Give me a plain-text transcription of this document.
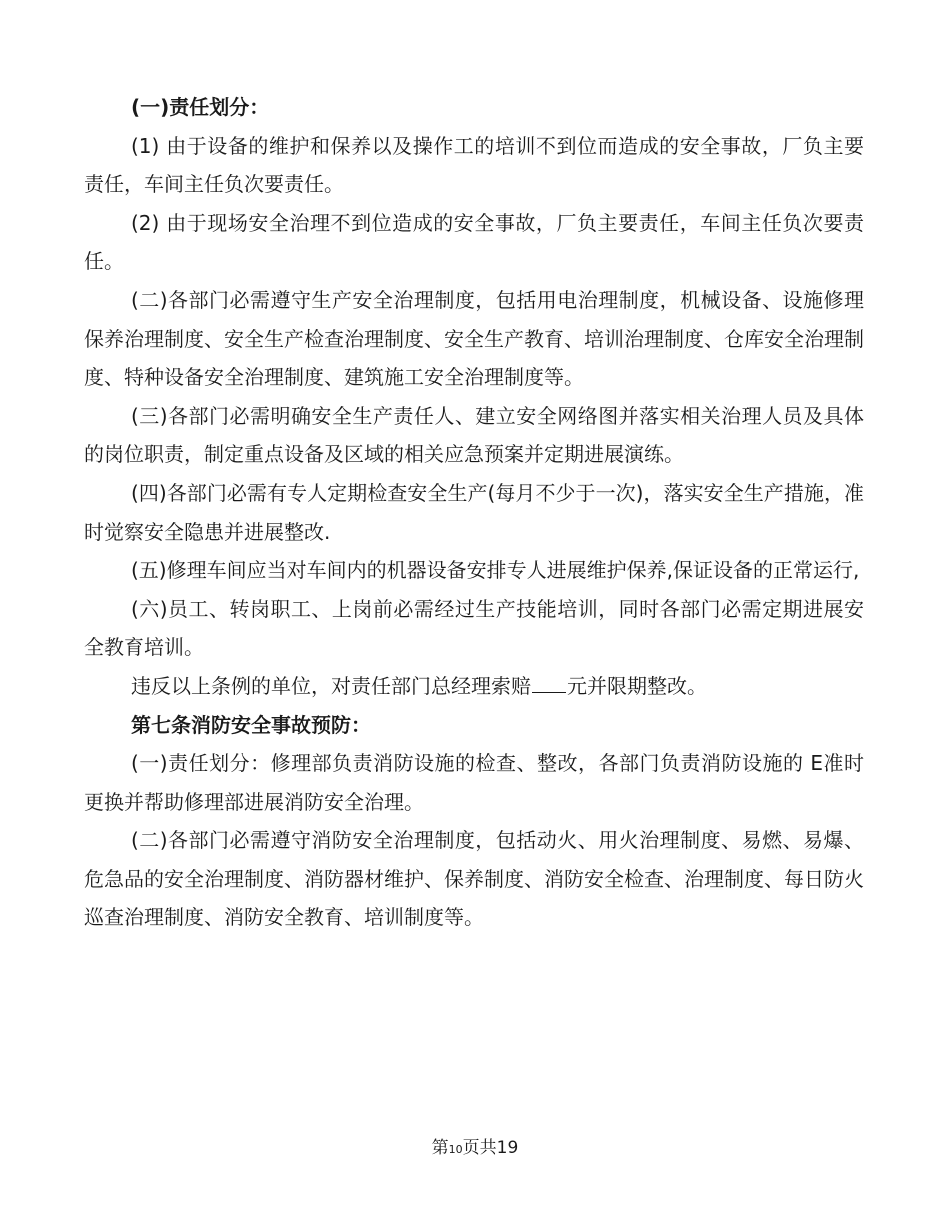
(一)责任划分：

(1) 由于设备的维护和保养以及操作工的培训不到位而造成的安全事故，厂负主要责任，车间主任负次要责任。

(2) 由于现场安全治理不到位造成的安全事故，厂负主要责任，车间主任负次要责任。

(二)各部门必需遵守生产安全治理制度，包括用电治理制度，机械设备、设施修理保养治理制度、安全生产检查治理制度、安全生产教育、培训治理制度、仓库安全治理制度、特种设备安全治理制度、建筑施工安全治理制度等。

(三)各部门必需明确安全生产责任人、建立安全网络图并落实相关治理人员及具体的岗位职责，制定重点设备及区域的相关应急预案并定期进展演练。

(四)各部门必需有专人定期检查安全生产(每月不少于一次)，落实安全生产措施，准时觉察安全隐患并进展整改.

(五)修理车间应当对车间内的机器设备安排专人进展维护保养,保证设备的正常运行,

(六)员工、转岗职工、上岗前必需经过生产技能培训，同时各部门必需定期进展安全教育培训。

违反以上条例的单位，对责任部门总经理索赔 元并限期整改。

第七条消防安全事故预防：

(一)责任划分：修理部负责消防设施的检查、整改，各部门负责消防设施的 E准时更换并帮助修理部进展消防安全治理。

(二)各部门必需遵守消防安全治理制度，包括动火、用火治理制度、易燃、易爆、危急品的安全治理制度、消防器材维护、保养制度、消防安全检查、治理制度、每日防火巡查治理制度、消防安全教育、培训制度等。

第10页共19
